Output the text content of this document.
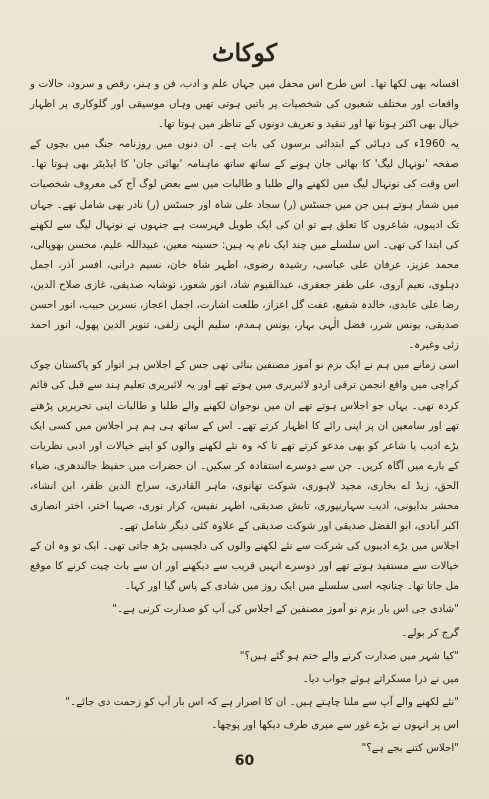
کوکاٹ

افسانہ بھی لکھا تھا۔ اس طرح اس محفل میں جہاں علم و ادب، فن و ہنر، رقص و سرود، حالات و واقعات اور مختلف شعبوں کی شخصیات پر باتیں ہوتی تھیں وہاں موسیقی اور گلوکاری پر اظہار خیال بھی اکثر ہوتا تھا اور تنقید و تعریف دونوں کے تناظر میں ہوتا تھا۔

یہ 1960ء کی دہائی کے ابتدائی برسوں کی بات ہے۔ ان دنوں میں روزنامہ جنگ میں بچوں کے صفحہ 'نونہال لیگ' کا بھائی جان ہونے کے ساتھ ساتھ ماہنامہ 'بھائی جان' کا ایڈیٹر بھی ہوتا تھا۔ اس وقت کی نونہال لیگ میں لکھنے والے طلبا و طالبات میں سے بعض لوگ آج کی معروف شخصیات میں شمار ہوتے ہیں جن میں جسٹس (ر) سجاد علی شاہ اور جسٹس (ر) نادر بھی شامل تھے۔ جہاں تک ادیبوں، شاعروں کا تعلق ہے تو ان کی ایک طویل فہرست ہے جنہوں نے نونہال لیگ سے لکھنے کی ابتدا کی تھی۔ اس سلسلے میں چند ایک نام یہ ہیں: حسینہ معین، عبیداللہ علیم، محسن بھوپالی، محمد عزیز، عرفان علی عباسی، رشیدہ رضوی، اطہر شاہ خان، نسیم درانی، افسر آذر، اجمل دہلوی، نعیم آروی، علی ظفر جعفری، عبدالقیوم شاد، انور شعور، نوشابہ صدیقی، غازی صلاح الدین، رضا علی عابدی، خالدہ شفیع، عفت گل اعزاز، طلعت اشارت، اجمل اعجاز، نسرین حبیب، انور احسن صدیقی، یونس شرر، فضل الٰہی بہار، یونس ہمدم، سلیم الٰہی زلفی، تنویر الدین پھول، انور احمد زئی وغیرہ۔

اسی زمانے میں ہم نے ایک بزم نو آموز مصنفین بنائی تھی جس کے اجلاس ہر اتوار کو پاکستان چوک کراچی میں واقع انجمن ترقی اردو لائبریری میں ہوتے تھے اور یہ لائبریری تعلیم ہند سے قبل کی قائم کردہ تھی۔ یہاں جو اجلاس ہوتے تھے ان میں نوجوان لکھنے والے طلبا و طالبات اپنی تحریریں پڑھتے تھے اور سامعین ان پر اپنی رائے کا اظہار کرتے تھے۔ اس کے ساتھ ہی ہم ہر اجلاس میں کسی ایک بڑے ادیب یا شاعر کو بھی مدعو کرتے تھے تا کہ وہ نئے لکھنے والوں کو اپنے خیالات اور ادبی نظریات کے بارے میں آگاہ کریں۔ جن سے دوسرے استفادہ کر سکیں۔ ان حضرات میں حفیظ جالندھری، ضیاء الحق، زیڈ اے بخاری، مجید لاہوری، شوکت تھانوی، ماہر القادری، سراج الدین ظفر، ابن انشاء، محشر بدایونی، ادیب سہارنپوری، تابش صدیقی، اطہر نفیس، کرار نوری، صہبا اختر، اختر انصاری اکبر آبادی، ابو الفضل صدیقی اور شوکت صدیقی کے علاوہ کئی دیگر شامل تھے۔

اجلاس میں بڑے ادیبوں کی شرکت سے نئے لکھنے والوں کی دلچسپی بڑھ جاتی تھی۔ ایک تو وہ ان کے خیالات سے مستفید ہوتے تھے اور دوسرے انہیں قریب سے دیکھنے اور ان سے بات چیت کرنے کا موقع مل جاتا تھا۔ چنانچہ اسی سلسلے میں ایک روز میں شادی کے پاس گیا اور کہا۔

"شادی جی اس بار بزم نو آموز مصنفین کے اجلاس کی آپ کو صدارت کرنی ہے۔"

گرج کر بولے۔

"کیا شہر میں صدارت کرنے والے ختم ہو گئے ہیں؟"

میں نے ذرا مسکراتے ہوئے جواب دیا۔

"نئے لکھنے والے آپ سے ملنا چاہتے ہیں۔ ان کا اصرار ہے کہ اس بار آپ کو زحمت دی جائے۔"

اس پر انہوں نے بڑے غور سے میری طرف دیکھا اور پوچھا۔

"اجلاس کتنے بجے ہے؟"

60
